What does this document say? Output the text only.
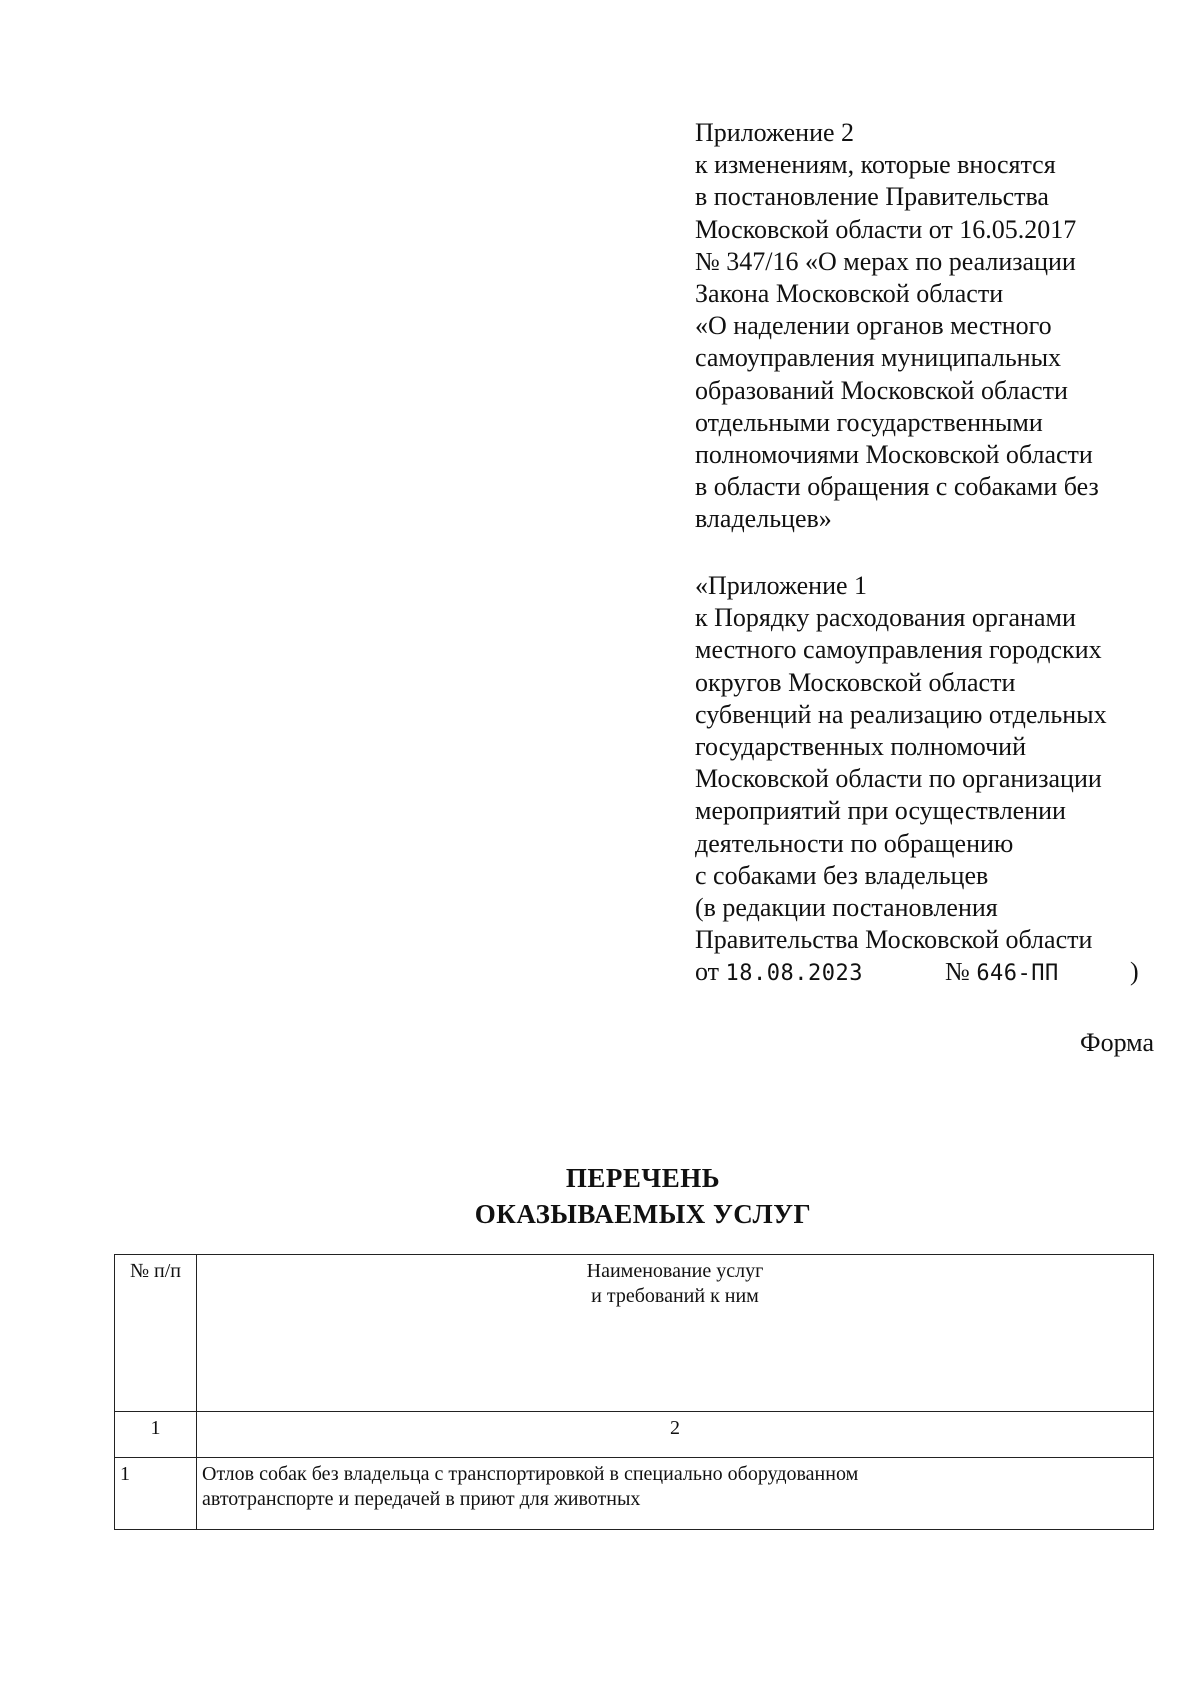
Приложение 2
к изменениям, которые вносятся
в постановление Правительства
Московской области от 16.05.2017
№ 347/16 «О мерах по реализации
Закона Московской области
«О наделении органов местного
самоуправления муниципальных
образований Московской области
отдельными государственными
полномочиями Московской области
в области обращения с собаками без
владельцев»
«Приложение 1
к Порядку расходования органами
местного самоуправления городских
округов Московской области
субвенций на реализацию отдельных
государственных полномочий
Московской области по организации
мероприятий при осуществлении
деятельности по обращению
с собаками без владельцев
(в редакции постановления
Правительства Московской области
от 18.08.2023	№ 646-ПП	)
Форма
ПЕРЕЧЕНЬ
ОКАЗЫВАЕМЫХ УСЛУГ
№ п/п	Наименование услуг
и требований к ним

1	2
1	Отлов собак без владельца с транспортировкой в специально оборудованном
автотранспорте и передачей в приют для животных
